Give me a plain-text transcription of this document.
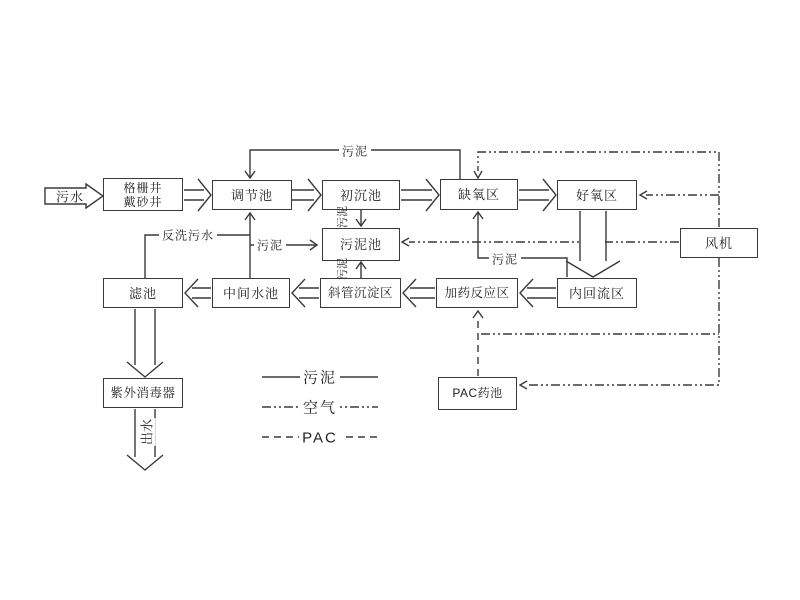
格栅井
戴砂井	调节池	初沉池	缺氧区	好氧区
风机
污泥池
滤池	中间水池	斜管沉淀区	加药反应区	内回流区
紫外消毒器	PAC药池
污水
污泥
反洗污水
污泥
污泥
污泥
污泥
出水
污泥
空气
PAC
